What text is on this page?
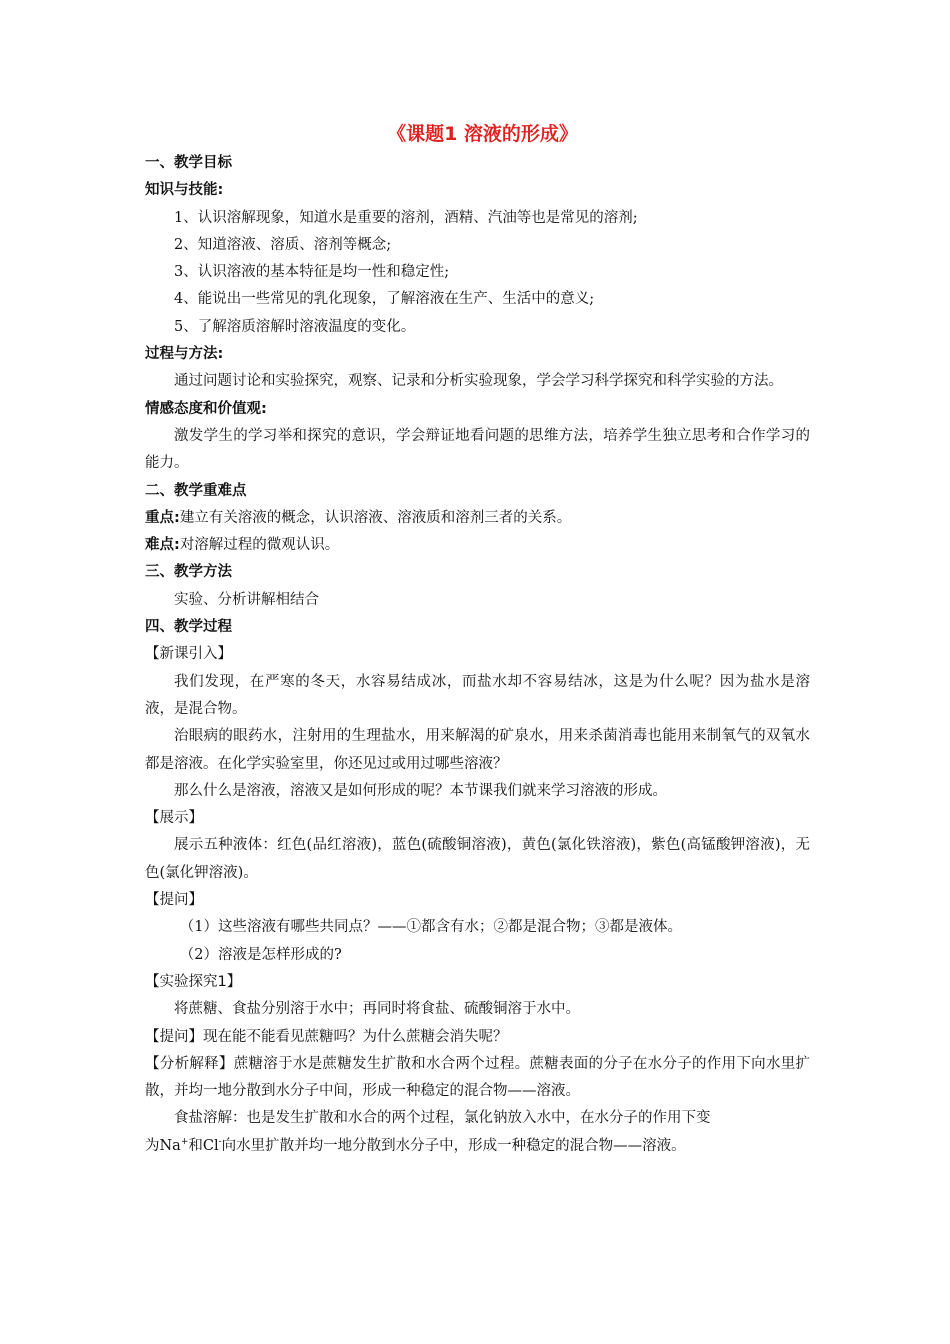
《课题1 溶液的形成》
一、教学目标
知识与技能:
1、认识溶解现象，知道水是重要的溶剂，酒精、汽油等也是常见的溶剂;
2、知道溶液、溶质、溶剂等概念;
3、认识溶液的基本特征是均一性和稳定性;
4、能说出一些常见的乳化现象，了解溶液在生产、生活中的意义;
5、了解溶质溶解时溶液温度的变化。
过程与方法:
通过问题讨论和实验探究，观察、记录和分析实验现象，学会学习科学探究和科学实验的方法。
情感态度和价值观:
激发学生的学习举和探究的意识，学会辩证地看问题的思维方法，培养学生独立思考和合作学习的能力。
二、教学重难点
重点:建立有关溶液的概念，认识溶液、溶液质和溶剂三者的关系。
难点:对溶解过程的微观认识。
三、教学方法
实验、分析讲解相结合
四、教学过程
【新课引入】
我们发现，在严寒的冬天，水容易结成冰，而盐水却不容易结冰，这是为什么呢？因为盐水是溶液，是混合物。
治眼病的眼药水，注射用的生理盐水，用来解渴的矿泉水，用来杀菌消毒也能用来制氧气的双氧水都是溶液。在化学实验室里，你还见过或用过哪些溶液？
那么什么是溶液，溶液又是如何形成的呢？本节课我们就来学习溶液的形成。
【展示】
展示五种液体：红色(品红溶液)，蓝色(硫酸铜溶液)，黄色(氯化铁溶液)，紫色(高锰酸钾溶液)，无色(氯化钾溶液)。
【提问】
（1）这些溶液有哪些共同点？——①都含有水；②都是混合物；③都是液体。
（2）溶液是怎样形成的?
【实验探究1】
将蔗糖、食盐分别溶于水中；再同时将食盐、硫酸铜溶于水中。
【提问】现在能不能看见蔗糖吗？为什么蔗糖会消失呢？
【分析解释】蔗糖溶于水是蔗糖发生扩散和水合两个过程。蔗糖表面的分子在水分子的作用下向水里扩散，并均一地分散到水分子中间，形成一种稳定的混合物——溶液。
食盐溶解：也是发生扩散和水合的两个过程，氯化钠放入水中，在水分子的作用下变
为Na+和Cl-向水里扩散并均一地分散到水分子中，形成一种稳定的混合物——溶液。
